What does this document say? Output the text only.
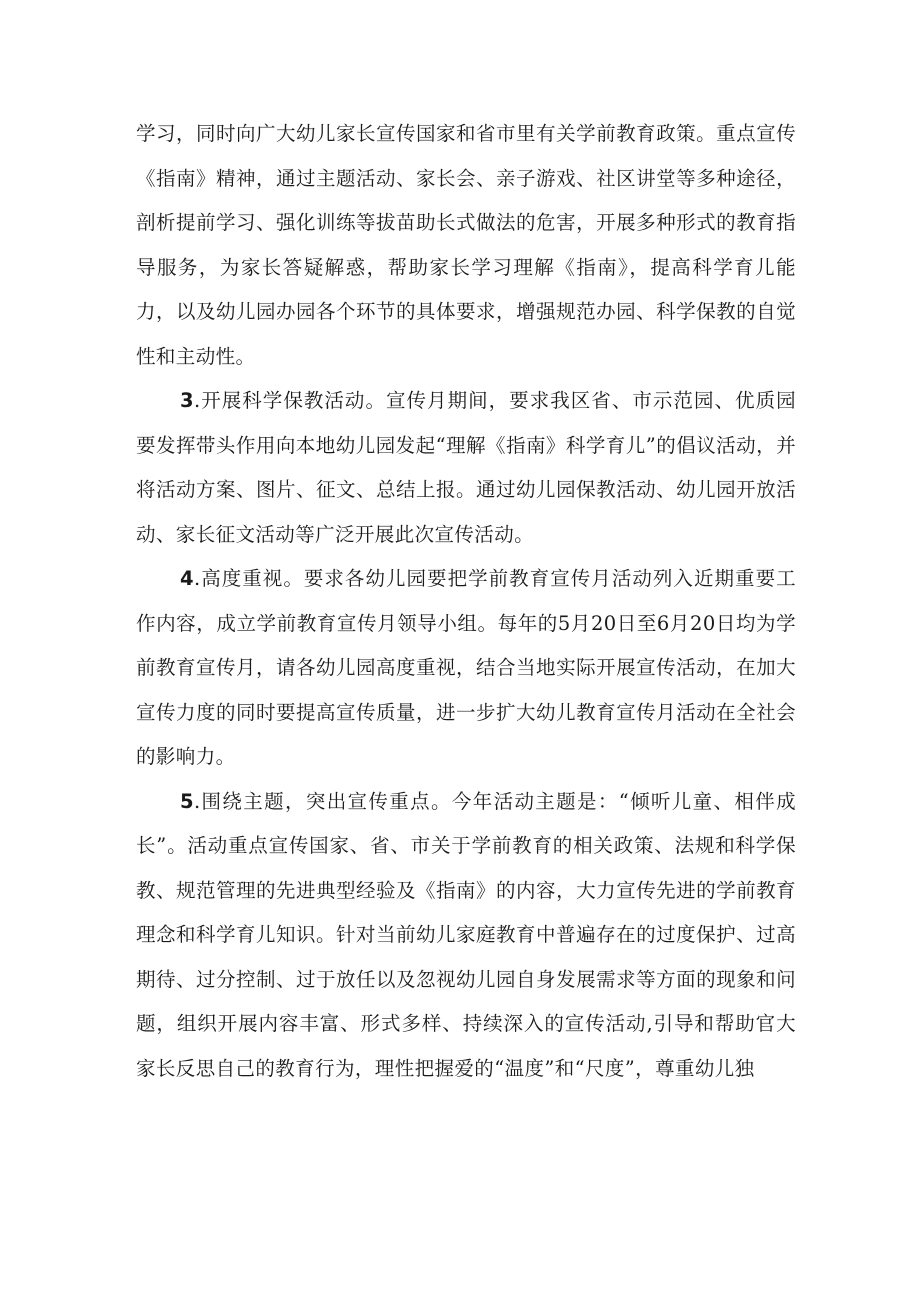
学习，同时向广大幼儿家长宣传国家和省市里有关学前教育政策。重点宣传《指南》精神，通过主题活动、家长会、亲子游戏、社区讲堂等多种途径，剖析提前学习、强化训练等拔苗助长式做法的危害，开展多种形式的教育指导服务，为家长答疑解惑，帮助家长学习理解《指南》，提高科学育儿能力，以及幼儿园办园各个环节的具体要求，增强规范办园、科学保教的自觉性和主动性。

3.开展科学保教活动。宣传月期间，要求我区省、市示范园、优质园要发挥带头作用向本地幼儿园发起“理解《指南》科学育儿”的倡议活动，并将活动方案、图片、征文、总结上报。通过幼儿园保教活动、幼儿园开放活动、家长征文活动等广泛开展此次宣传活动。

4.高度重视。要求各幼儿园要把学前教育宣传月活动列入近期重要工作内容，成立学前教育宣传月领导小组。每年的5月20日至6月20日均为学前教育宣传月，请各幼儿园高度重视，结合当地实际开展宣传活动，在加大宣传力度的同时要提高宣传质量，进一步扩大幼儿教育宣传月活动在全社会的影响力。

5.围绕主题，突出宣传重点。今年活动主题是：“倾听儿童、相伴成长”。活动重点宣传国家、省、市关于学前教育的相关政策、法规和科学保教、规范管理的先进典型经验及《指南》的内容，大力宣传先进的学前教育理念和科学育儿知识。针对当前幼儿家庭教育中普遍存在的过度保护、过高期待、过分控制、过于放任以及忽视幼儿园自身发展需求等方面的现象和问题，组织开展内容丰富、形式多样、持续深入的宣传活动,引导和帮助官大家长反思自己的教育行为，理性把握爱的“温度”和“尺度”，尊重幼儿独
